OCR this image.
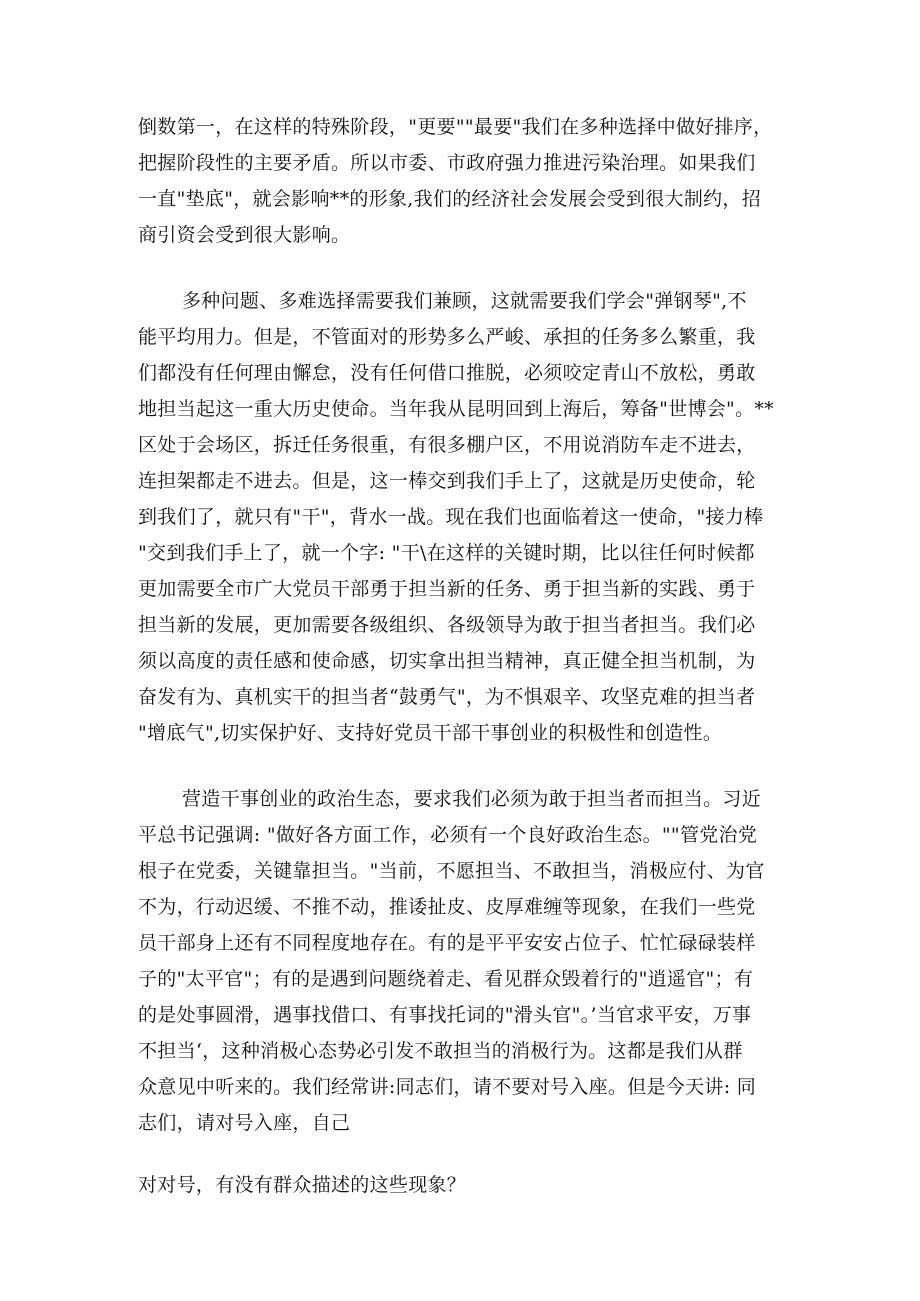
倒数第一，在这样的特殊阶段，"更要""最要"我们在多种选择中做好排序，
把握阶段性的主要矛盾。所以市委、市政府强力推进污染治理。如果我们
一直"垫底"，就会影响**的形象,我们的经济社会发展会受到很大制约，招
商引资会受到很大影响。
多种问题、多难选择需要我们兼顾，这就需要我们学会"弹钢琴",不
能平均用力。但是，不管面对的形势多么严峻、承担的任务多么繁重，我
们都没有任何理由懈怠，没有任何借口推脱，必须咬定青山不放松，勇敢
地担当起这一重大历史使命。当年我从昆明回到上海后，筹备"世博会"。**
区处于会场区，拆迁任务很重，有很多棚户区，不用说消防车走不进去，
连担架都走不进去。但是，这一棒交到我们手上了，这就是历史使命，轮
到我们了，就只有"干"，背水一战。现在我们也面临着这一使命，"接力棒
"交到我们手上了，就一个字: "干\在这样的关键时期，比以往任何时候都
更加需要全市广大党员干部勇于担当新的任务、勇于担当新的实践、勇于
担当新的发展，更加需要各级组织、各级领导为敢于担当者担当。我们必
须以高度的责任感和使命感，切实拿出担当精神，真正健全担当机制，为
奋发有为、真机实干的担当者“鼓勇气"，为不惧艰辛、攻坚克难的担当者
"增底气",切实保护好、支持好党员干部干事创业的积极性和创造性。
营造干事创业的政治生态，要求我们必须为敢于担当者而担当。习近
平总书记强调: "做好各方面工作，必须有一个良好政治生态。""管党治党
根子在党委，关键靠担当。"当前，不愿担当、不敢担当，消极应付、为官
不为，行动迟缓、不推不动，推诿扯皮、皮厚难缠等现象，在我们一些党
员干部身上还有不同程度地存在。有的是平平安安占位子、忙忙碌碌装样
子的"太平官"；有的是遇到问题绕着走、看见群众毁着行的"逍遥官"；有
的是处事圆滑，遇事找借口、有事找托词的"滑头官"。’当官求平安，万事
不担当‘，这种消极心态势必引发不敢担当的消极行为。这都是我们从群
众意见中听来的。我们经常讲:同志们，请不要对号入座。但是今天讲: 同
志们，请对号入座，自己
对对号，有没有群众描述的这些现象？
